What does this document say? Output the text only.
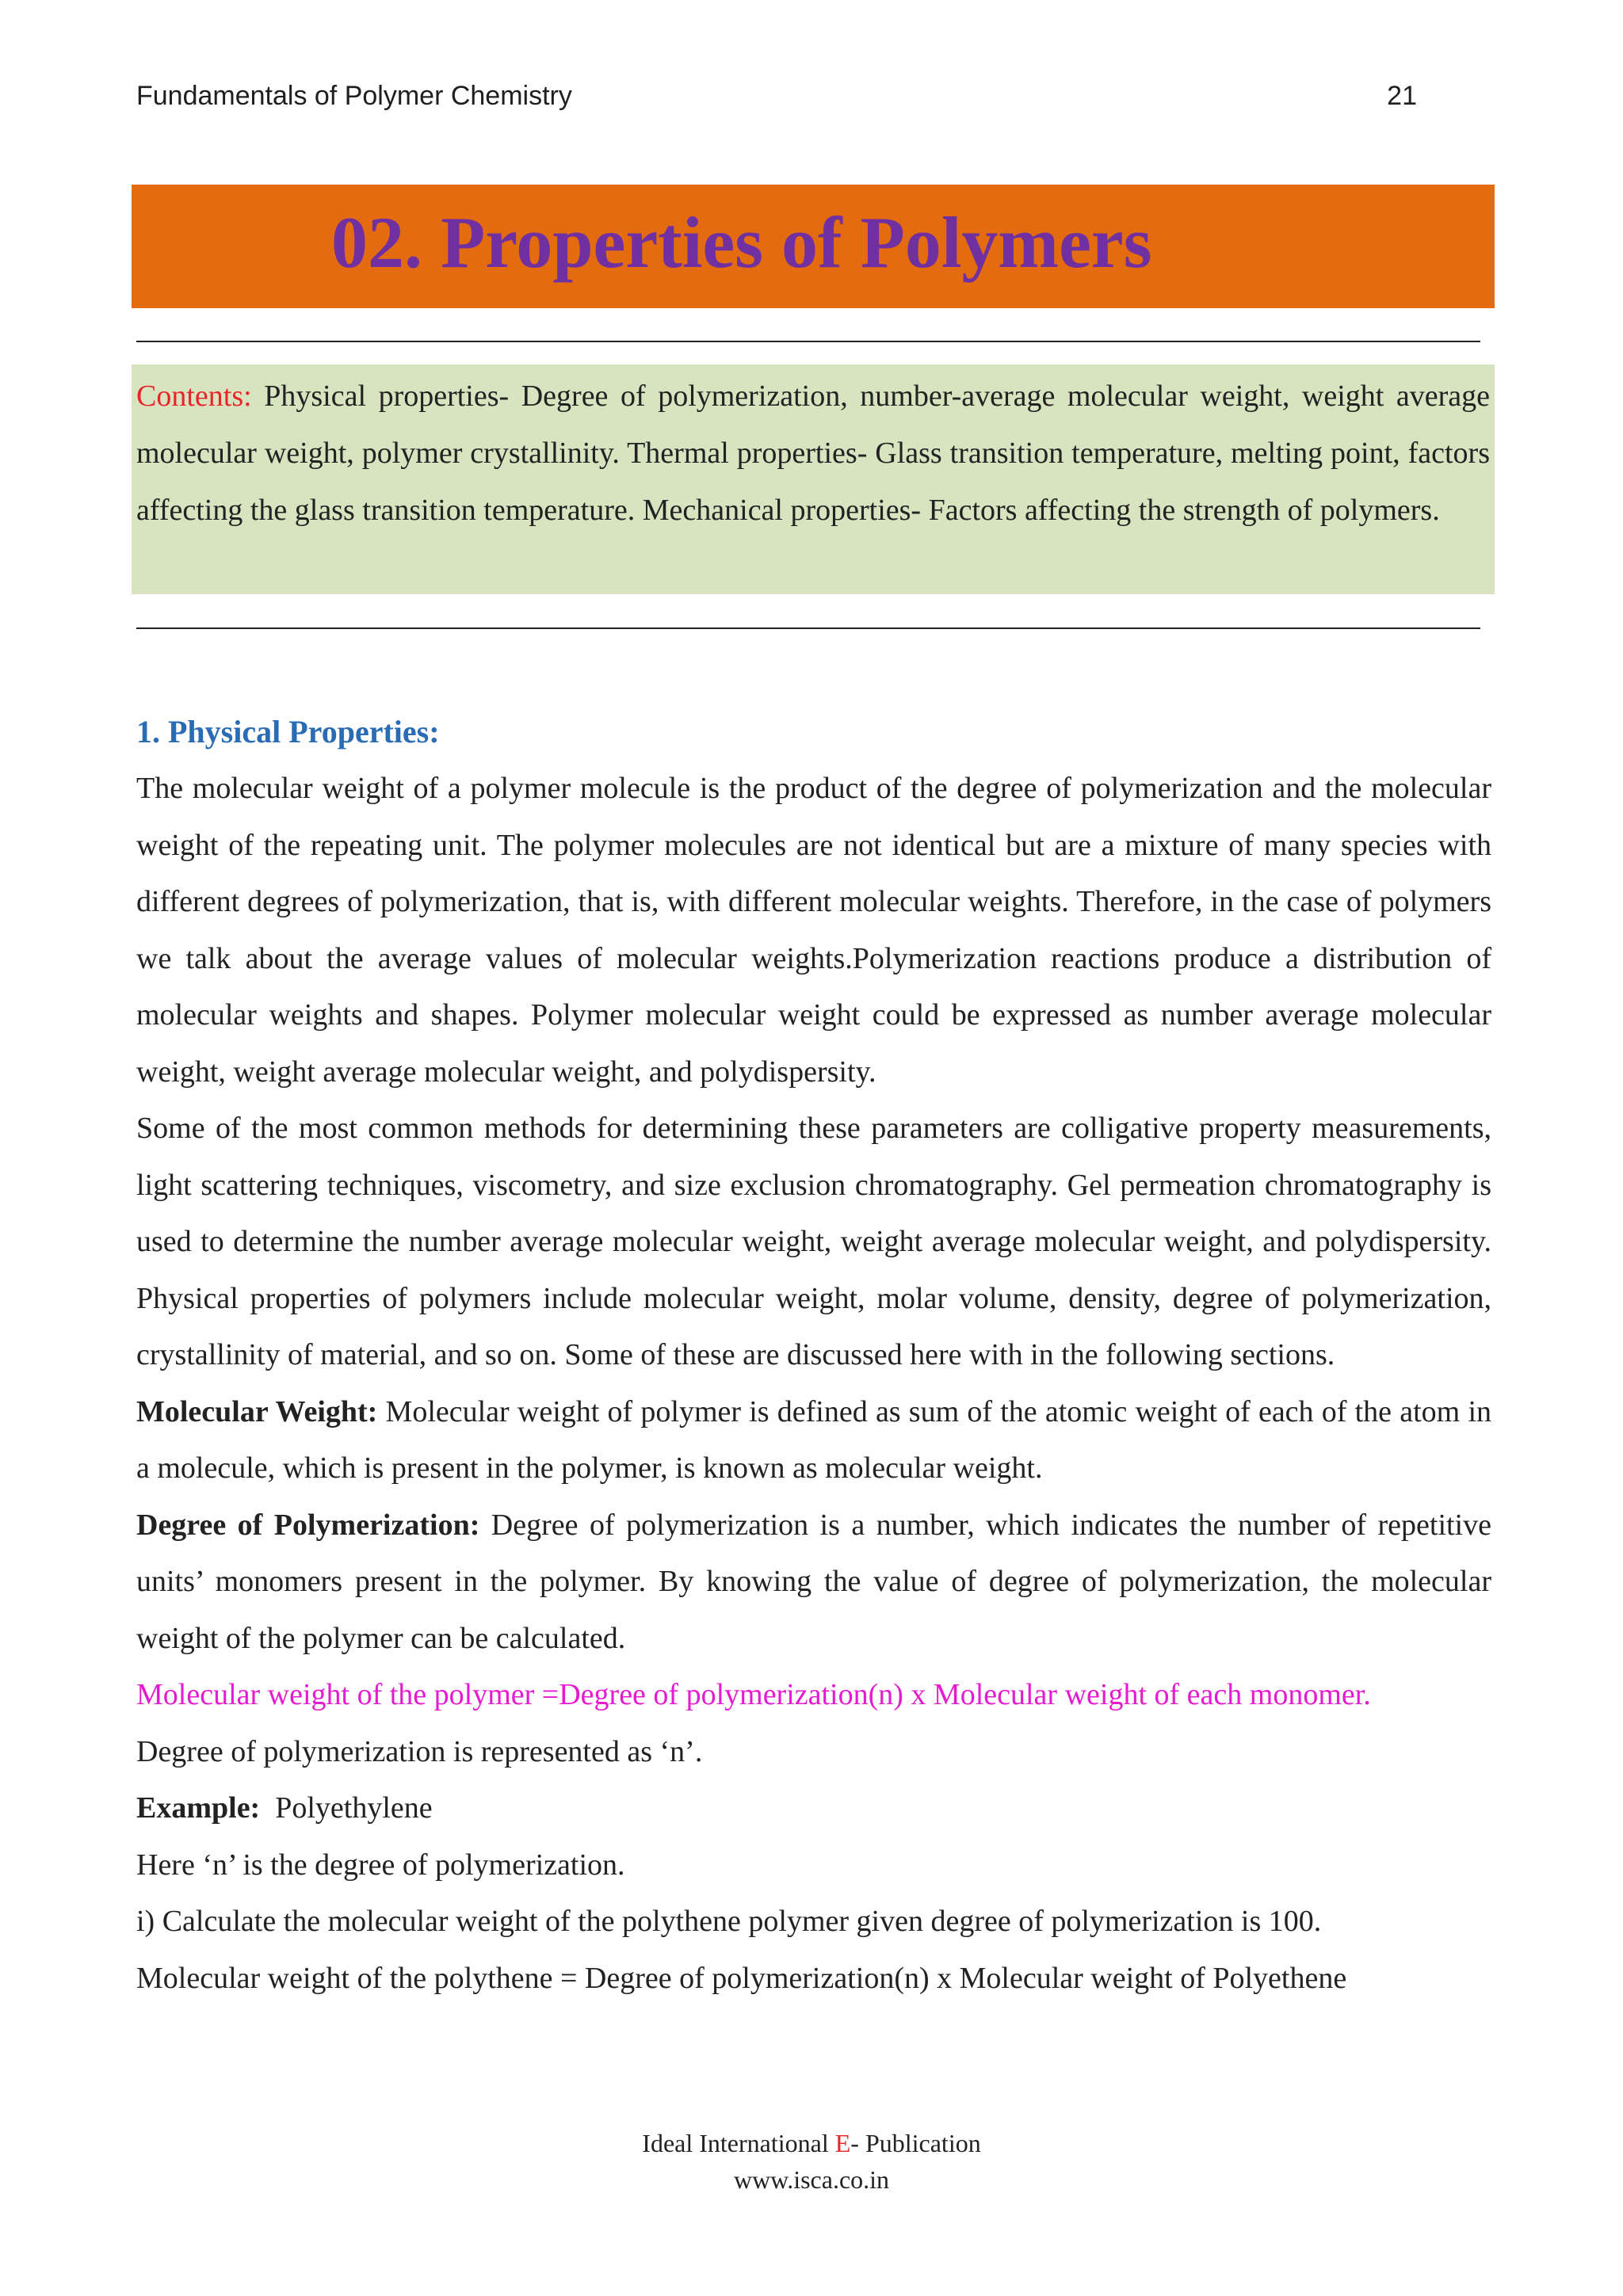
Fundamentals of Polymer Chemistry	21
02. Properties of Polymers

Contents: Physical properties- Degree of polymerization, number-average molecular weight, weight average molecular weight, polymer crystallinity. Thermal properties- Glass transition temperature, melting point, factors affecting the glass transition temperature. Mechanical properties- Factors affecting the strength of polymers.

1. Physical Properties:

The molecular weight of a polymer molecule is the product of the degree of polymerization and the molecular weight of the repeating unit. The polymer molecules are not identical but are a mixture of many species with different degrees of polymerization, that is, with different molecular weights. Therefore, in the case of polymers we talk about the average values of molecular weights.Polymerization reactions produce a distribution of molecular weights and shapes. Polymer molecular weight could be expressed as number average molecular weight, weight average molecular weight, and polydispersity.

Some of the most common methods for determining these parameters are colligative property measurements, light scattering techniques, viscometry, and size exclusion chromatography. Gel permeation chromatography is used to determine the number average molecular weight, weight average molecular weight, and polydispersity. Physical properties of polymers include molecular weight, molar volume, density, degree of polymerization, crystallinity of material, and so on. Some of these are discussed here with in the following sections.

Molecular Weight: Molecular weight of polymer is defined as sum of the atomic weight of each of the atom in a molecule, which is present in the polymer, is known as molecular weight.

Degree of Polymerization: Degree of polymerization is a number, which indicates the number of repetitive units’ monomers present in the polymer. By knowing the value of degree of polymerization, the molecular weight of the polymer can be calculated.

Molecular weight of the polymer =Degree of polymerization(n) x Molecular weight of each monomer.

Degree of polymerization is represented as ‘n’.

Example:  Polyethylene

Here ‘n’ is the degree of polymerization.

i) Calculate the molecular weight of the polythene polymer given degree of polymerization is 100.

Molecular weight of the polythene = Degree of polymerization(n) x Molecular weight of Polyethene

Ideal International E- Publication
www.isca.co.in
